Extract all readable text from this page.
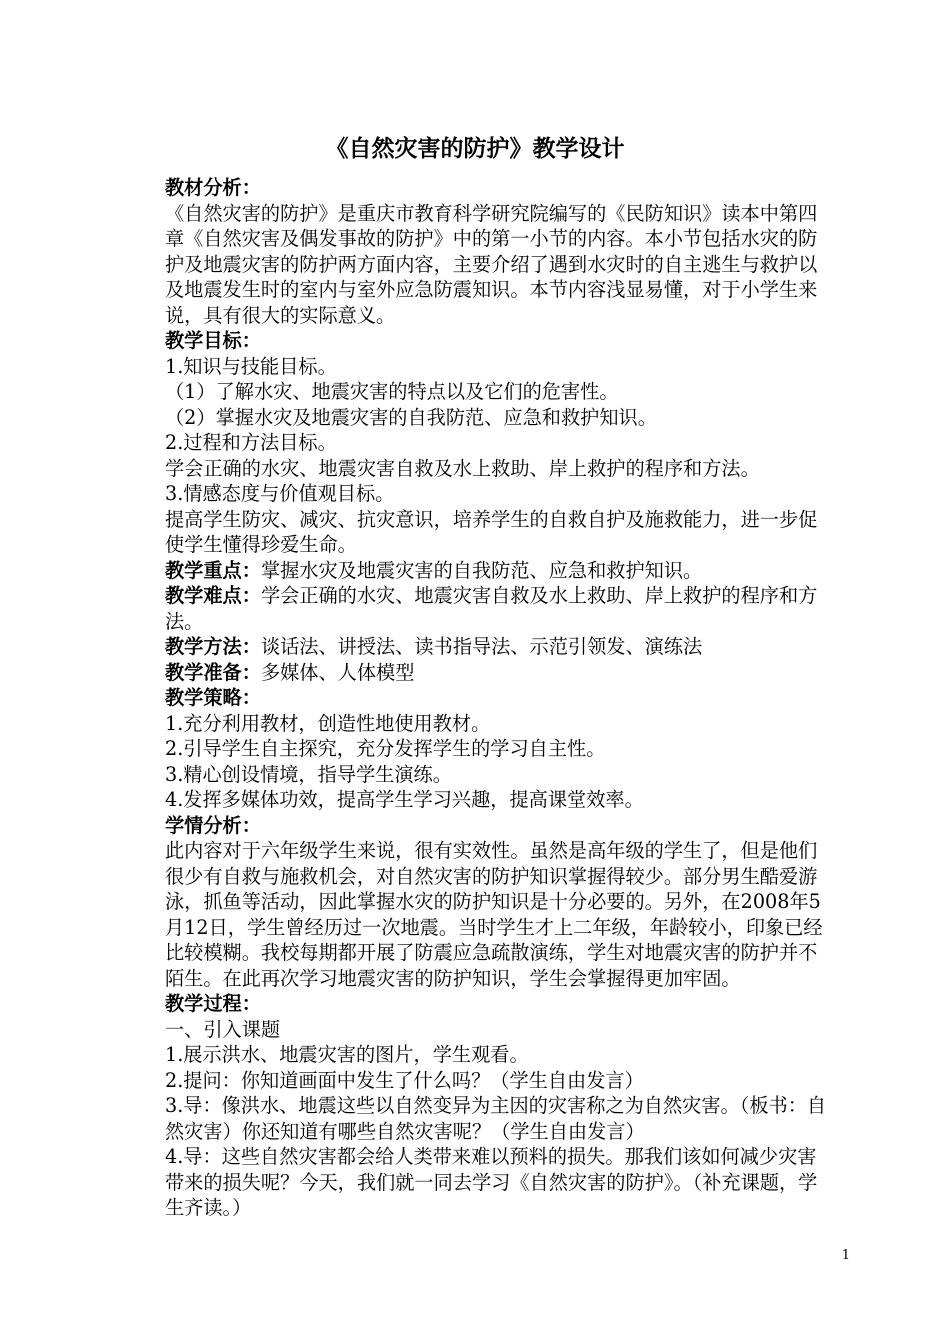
《自然灾害的防护》教学设计

教材分析：

《自然灾害的防护》是重庆市教育科学研究院编写的《民防知识》读本中第四章《自然灾害及偶发事故的防护》中的第一小节的内容。本小节包括水灾的防护及地震灾害的防护两方面内容，主要介绍了遇到水灾时的自主逃生与救护以及地震发生时的室内与室外应急防震知识。本节内容浅显易懂，对于小学生来说，具有很大的实际意义。

教学目标：

1.知识与技能目标。

（1）了解水灾、地震灾害的特点以及它们的危害性。

（2）掌握水灾及地震灾害的自我防范、应急和救护知识。

2.过程和方法目标。

学会正确的水灾、地震灾害自救及水上救助、岸上救护的程序和方法。

3.情感态度与价值观目标。

提高学生防灾、减灾、抗灾意识，培养学生的自救自护及施救能力，进一步促使学生懂得珍爱生命。

教学重点：掌握水灾及地震灾害的自我防范、应急和救护知识。

教学难点：学会正确的水灾、地震灾害自救及水上救助、岸上救护的程序和方法。

教学方法：谈话法、讲授法、读书指导法、示范引领发、演练法

教学准备：多媒体、人体模型

教学策略：

1.充分利用教材，创造性地使用教材。

2.引导学生自主探究，充分发挥学生的学习自主性。

3.精心创设情境，指导学生演练。

4.发挥多媒体功效，提高学生学习兴趣，提高课堂效率。

学情分析：

此内容对于六年级学生来说，很有实效性。虽然是高年级的学生了，但是他们很少有自救与施救机会，对自然灾害的防护知识掌握得较少。部分男生酷爱游泳，抓鱼等活动，因此掌握水灾的防护知识是十分必要的。另外，在2008年5月12日，学生曾经历过一次地震。当时学生才上二年级，年龄较小，印象已经比较模糊。我校每期都开展了防震应急疏散演练，学生对地震灾害的防护并不陌生。在此再次学习地震灾害的防护知识，学生会掌握得更加牢固。

教学过程：

一、引入课题

1.展示洪水、地震灾害的图片，学生观看。

2.提问：你知道画面中发生了什么吗？（学生自由发言）

3.导：像洪水、地震这些以自然变异为主因的灾害称之为自然灾害。（板书：自然灾害）你还知道有哪些自然灾害呢？（学生自由发言）

4.导：这些自然灾害都会给人类带来难以预料的损失。那我们该如何减少灾害带来的损失呢？今天，我们就一同去学习《自然灾害的防护》。（补充课题，学生齐读。）

1
